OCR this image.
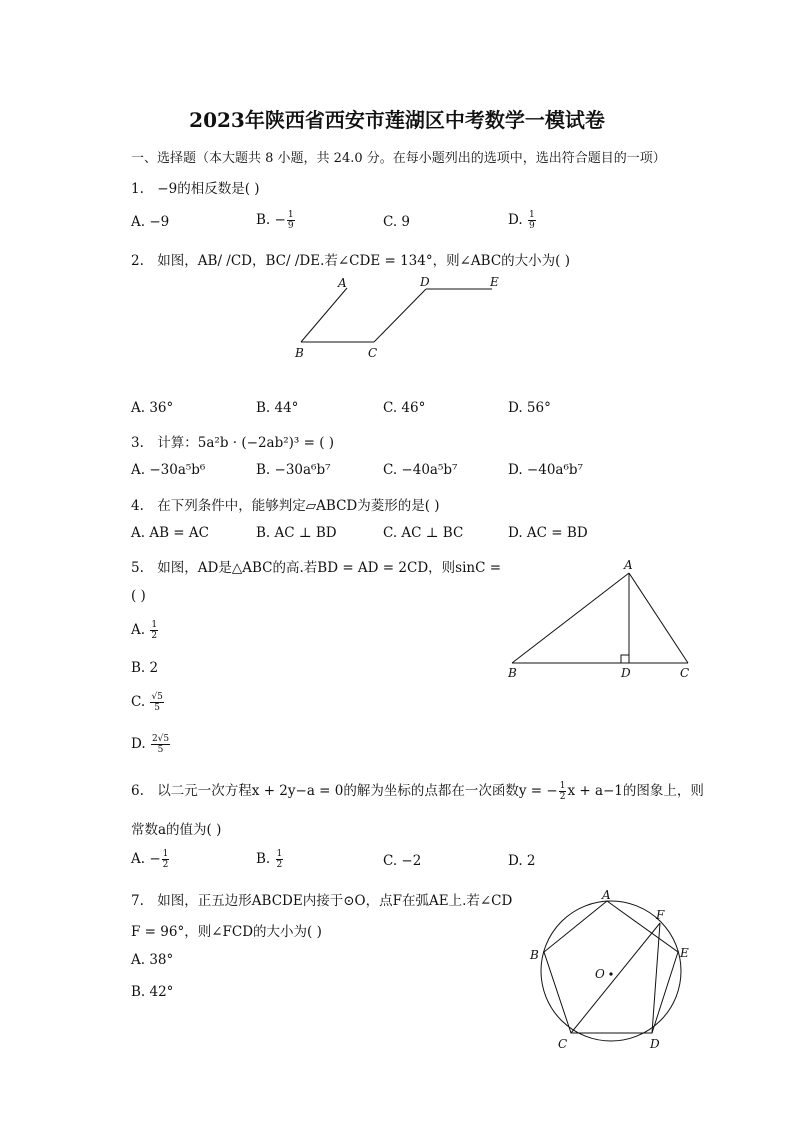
2023年陕西省西安市莲湖区中考数学一模试卷
一、选择题（本大题共 8 小题，共 24.0 分。在每小题列出的选项中，选出符合题目的一项）
1. −9的相反数是( )
A. −9	B. − $\frac{1}{9}$	C. 9	D. $\frac{1}{9}$
2. 如图，AB/ /CD，BC/ /DE.若∠CDE = 134°，则∠ABC的大小为( )
A
B	C
D	E
A. 36°	B. 44°	C. 46°	D. 56°
3. 计算：5a²b · (−2ab²)³ = ( )
A. −30a⁵b⁶	B. −30a⁶b⁷	C. −40a⁵b⁷	D. −40a⁶b⁷
4. 在下列条件中，能够判定▱ABCD为菱形的是( )
A. AB = AC	B. AC ⊥ BD	C. AC ⊥ BC	D. AC = BD
5. 如图，AD是△ABC的高.若BD = AD = 2CD，则sinC =
( )
A. $\frac{1}{2}$
B. 2
C. $\frac{√5}{5}$
D. $\frac{2√5}{5}$
A
B	D	C
6. 以二元一次方程x + 2y−a = 0的解为坐标的点都在一次函数y = − $\frac{1}{2}$ x + a−1的图象上，则
常数a的值为( )
A. − $\frac{1}{2}$	B. $\frac{1}{2}$	C. −2	D. 2
7. 如图，正五边形ABCDE内接于⊙O，点F在弧AE上.若∠CD
F = 96°，则∠FCD的大小为( )
A. 38°
B. 42°
A
B
C	D
E
F
O
